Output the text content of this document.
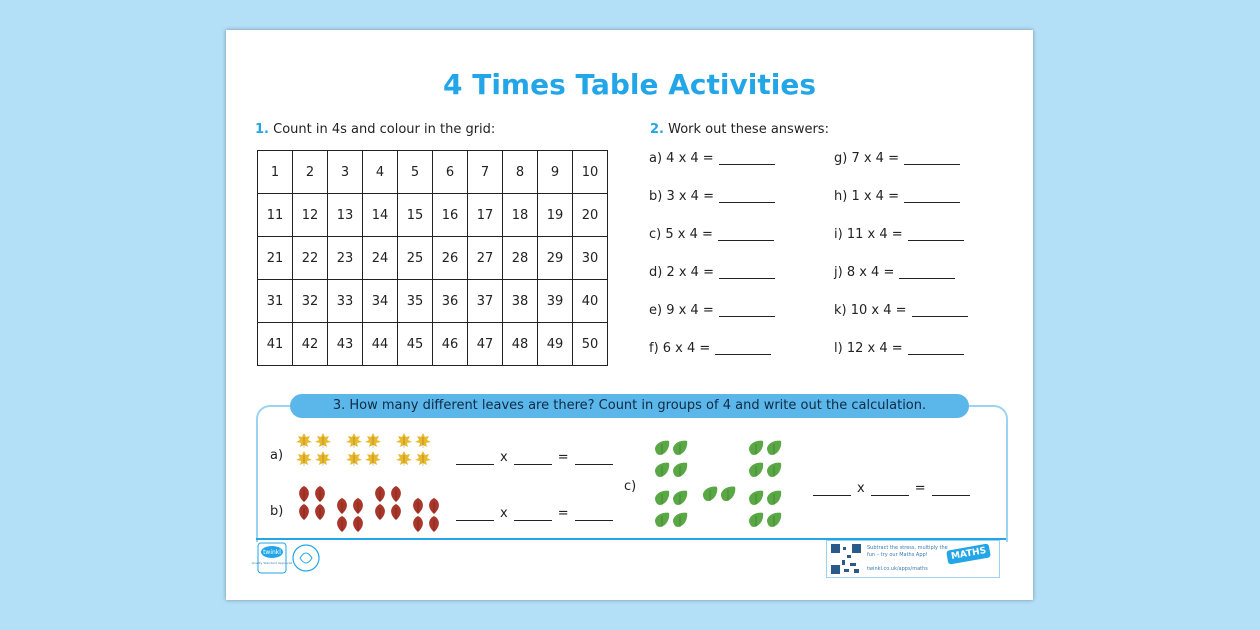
4 Times Table Activities
1. Count in 4s and colour in the grid:
1	2	3	4	5	6	7	8	9	10
11	12	13	14	15	16	17	18	19	20
21	22	23	24	25	26	27	28	29	30
31	32	33	34	35	36	37	38	39	40
41	42	43	44	45	46	47	48	49	50
2. Work out these answers:
a) 4 x 4 =
b) 3 x 4 =
c) 5 x 4 =
d) 2 x 4 =
e) 9 x 4 =
f) 6 x 4 =
g) 7 x 4 =
h) 1 x 4 =
i) 11 x 4 =
j) 8 x 4 =
k) 10 x 4 =
l) 12 x 4 =
3. How many different leaves are there? Count in groups of 4 and write out the calculation.
a)
b)
c)
x	=
x	=
x	=
twinkl
Quality Standard Approved
Subtract the stress, multiply the fun – try our Maths App!

twinkl.co.uk/apps/maths
MATHS
